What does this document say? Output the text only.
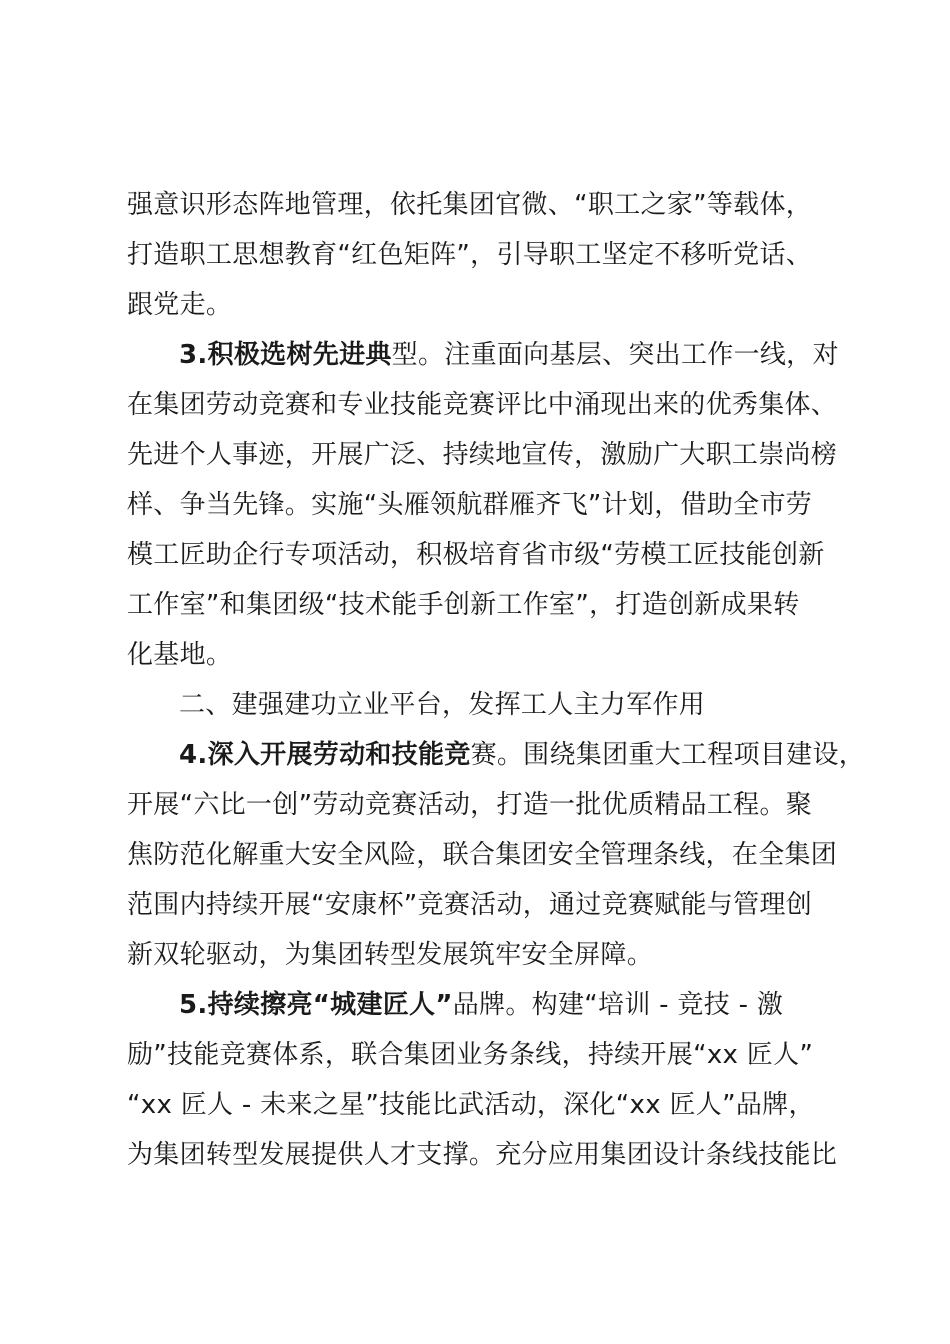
强意识形态阵地管理，依托集团官微、“职工之家”等载体，
打造职工思想教育“红色矩阵”，引导职工坚定不移听党话、
跟党走。
3.积极选树先进典型。注重面向基层、突出工作一线，对
在集团劳动竞赛和专业技能竞赛评比中涌现出来的优秀集体、
先进个人事迹，开展广泛、持续地宣传，激励广大职工崇尚榜
样、争当先锋。实施“头雁领航群雁齐飞”计划，借助全市劳
模工匠助企行专项活动，积极培育省市级“劳模工匠技能创新
工作室”和集团级“技术能手创新工作室”，打造创新成果转
化基地。
二、建强建功立业平台，发挥工人主力军作用
4.深入开展劳动和技能竞赛。围绕集团重大工程项目建设，
开展“六比一创”劳动竞赛活动，打造一批优质精品工程。聚
焦防范化解重大安全风险，联合集团安全管理条线，在全集团
范围内持续开展“安康杯”竞赛活动，通过竞赛赋能与管理创
新双轮驱动，为集团转型发展筑牢安全屏障。
5.持续擦亮“城建匠人”品牌。构建“培训 - 竞技 - 激
励”技能竞赛体系，联合集团业务条线，持续开展“xx 匠人”
“xx 匠人 - 未来之星”技能比武活动，深化“xx 匠人”品牌，
为集团转型发展提供人才支撑。充分应用集团设计条线技能比
